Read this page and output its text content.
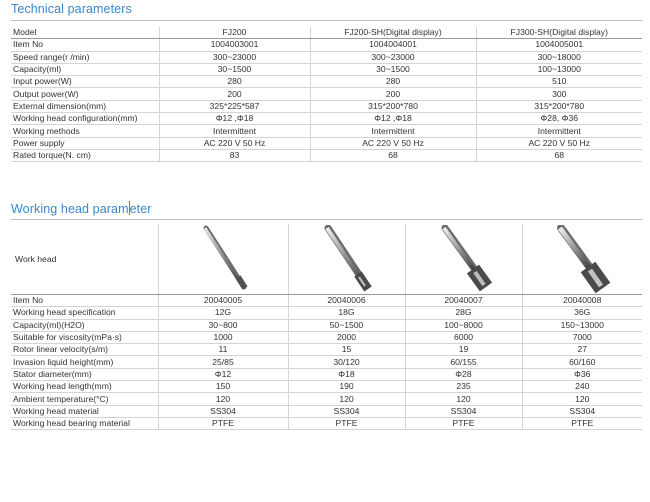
Technical parameters
Model	FJ200	FJ200-SH(Digital display)	FJ300-SH(Digital display)
Item No	1004003001	1004004001	1004005001
Speed range(r /min)	300~23000	300~23000	300~18000
Capacity(ml)	30~1500	30~1500	100~13000
Input power(W)	280	280	510
Output power(W)	200	200	300
External dimension(mm)	325*225*587	315*200*780	315*200*780
Working head configuration(mm)	Φ12 ,Φ18	Φ12 ,Φ18	Φ28, Φ36
Working methods	Intermittent	Intermittent	Intermittent
Power supply	AC 220 V 50 Hz	AC 220 V 50 Hz	AC 220 V 50 Hz
Rated torque(N. cm)	83	68	68
Working head parameter
Work head	

Item No	20040005	20040006	20040007	20040008
Working head specification	12G	18G	28G	36G
Capacity(ml)(H2O)	30~800	50~1500	100~8000	150~13000
Suitable for viscosity(mPa·s)	1000	2000	6000	7000
Rotor linear velocity(s/m)	11	15	19	27
Invasion liquid height(mm)	25/85	30/120	60/155	60/160
Stator diameter(mm)	Φ12	Φ18	Φ28	Φ36
Working head length(mm)	150	190	235	240
Ambient temperature(°C)	120	120	120	120
Working head material	SS304	SS304	SS304	SS304
Working head bearing material	PTFE	PTFE	PTFE	PTFE
